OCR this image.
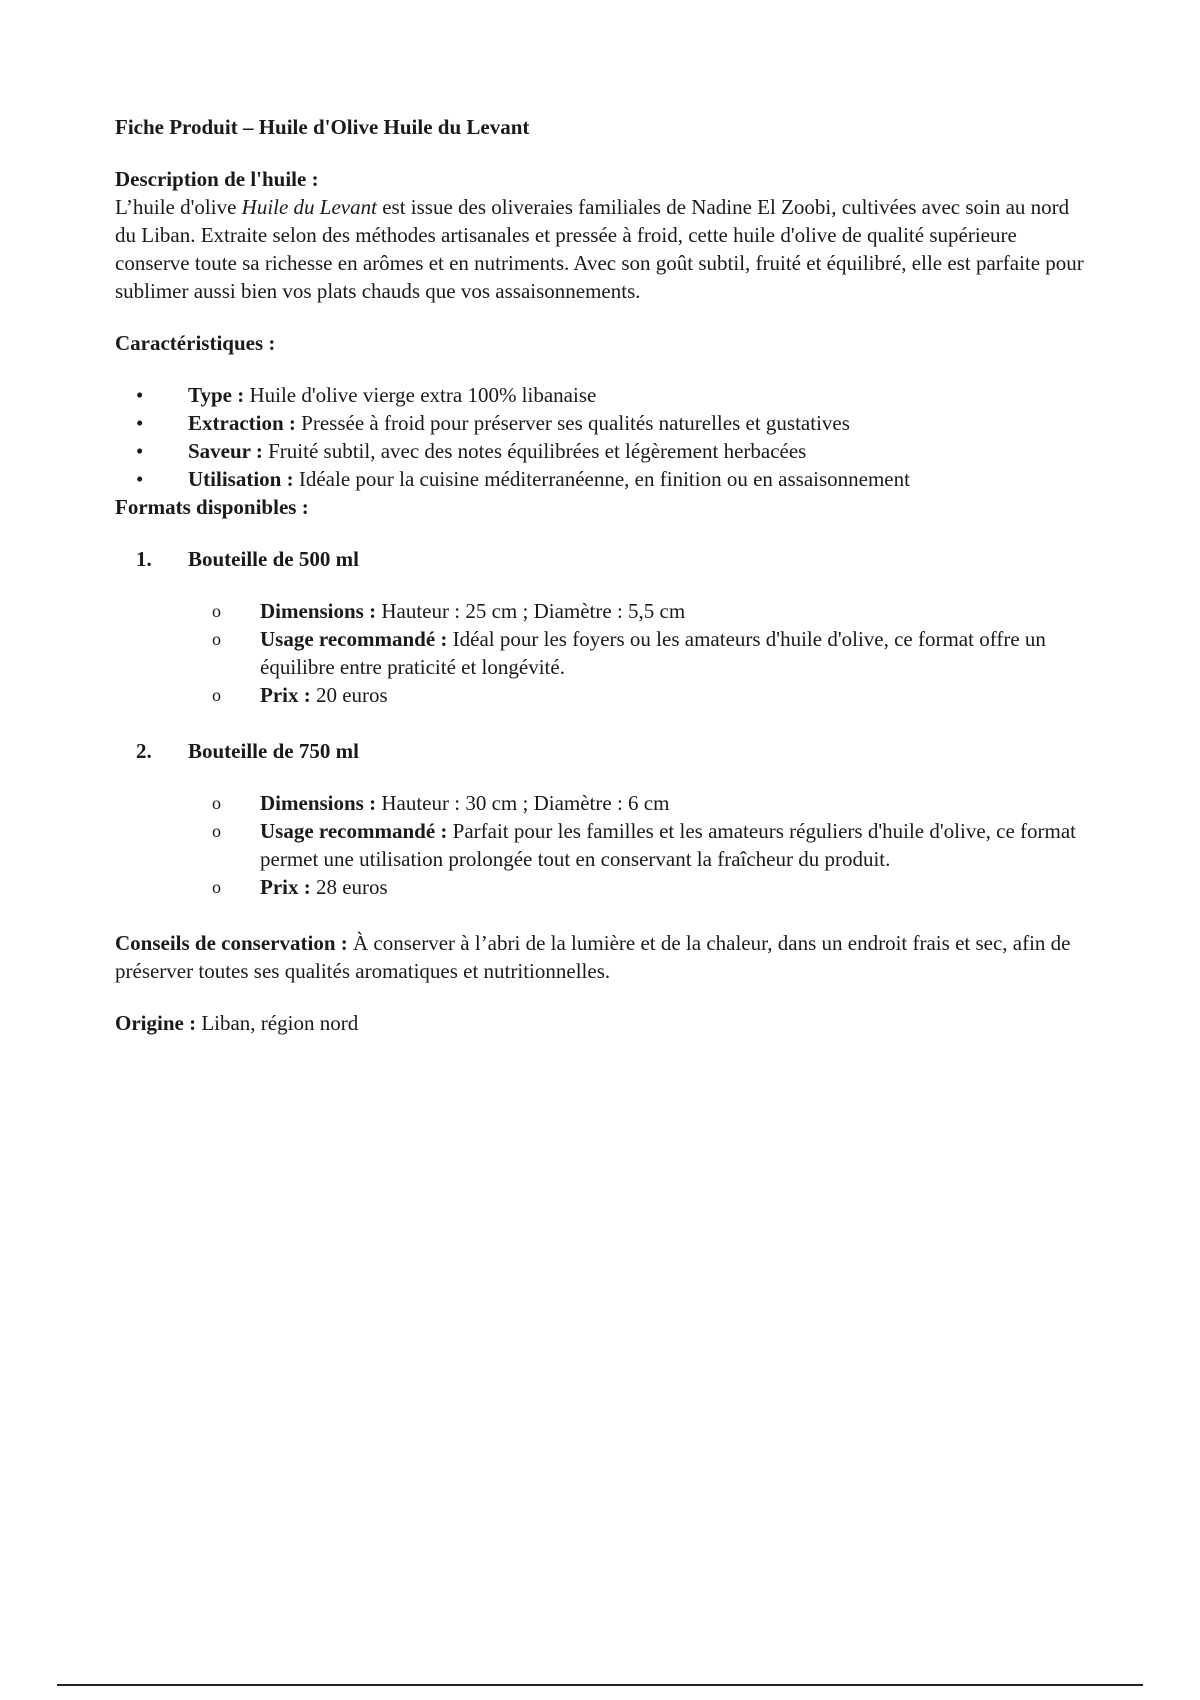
Fiche Produit – Huile d'Olive Huile du Levant

Description de l'huile :

L’huile d'olive Huile du Levant est issue des oliveraies familiales de Nadine El Zoobi, cultivées avec soin au nord du Liban. Extraite selon des méthodes artisanales et pressée à froid, cette huile d'olive de qualité supérieure conserve toute sa richesse en arômes et en nutriments. Avec son goût subtil, fruité et équilibré, elle est parfaite pour sublimer aussi bien vos plats chauds que vos assaisonnements.

Caractéristiques :

• Type : Huile d'olive vierge extra 100% libanaise
• Extraction : Pressée à froid pour préserver ses qualités naturelles et gustatives
• Saveur : Fruité subtil, avec des notes équilibrées et légèrement herbacées
• Utilisation : Idéale pour la cuisine méditerranéenne, en finition ou en assaisonnement

Formats disponibles :

1. Bouteille de 500 ml
o Dimensions : Hauteur : 25 cm ; Diamètre : 5,5 cm
o Usage recommandé : Idéal pour les foyers ou les amateurs d'huile d'olive, ce format offre un équilibre entre praticité et longévité.
o Prix : 20 euros
2. Bouteille de 750 ml
o Dimensions : Hauteur : 30 cm ; Diamètre : 6 cm
o Usage recommandé : Parfait pour les familles et les amateurs réguliers d'huile d'olive, ce format permet une utilisation prolongée tout en conservant la fraîcheur du produit.
o Prix : 28 euros

Conseils de conservation : À conserver à l’abri de la lumière et de la chaleur, dans un endroit frais et sec, afin de préserver toutes ses qualités aromatiques et nutritionnelles.

Origine : Liban, région nord
